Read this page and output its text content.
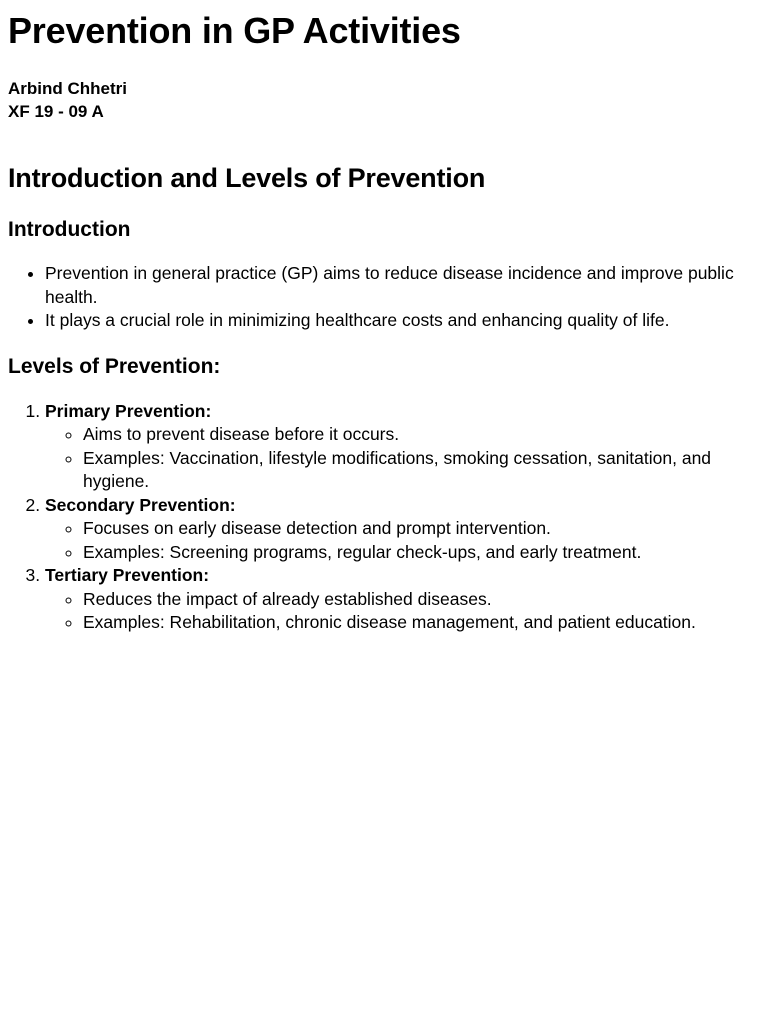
Prevention in GP Activities
Arbind Chhetri
XF 19 - 09 A
Introduction and Levels of Prevention
Introduction
• Prevention in general practice (GP) aims to reduce disease incidence and improve public health.
• It plays a crucial role in minimizing healthcare costs and enhancing quality of life.
Levels of Prevention:
1. Primary Prevention:
◦ Aims to prevent disease before it occurs.
◦ Examples: Vaccination, lifestyle modifications, smoking cessation, sanitation, and hygiene.
2. Secondary Prevention:
◦ Focuses on early disease detection and prompt intervention.
◦ Examples: Screening programs, regular check-ups, and early treatment.
3. Tertiary Prevention:
◦ Reduces the impact of already established diseases.
◦ Examples: Rehabilitation, chronic disease management, and patient education.
